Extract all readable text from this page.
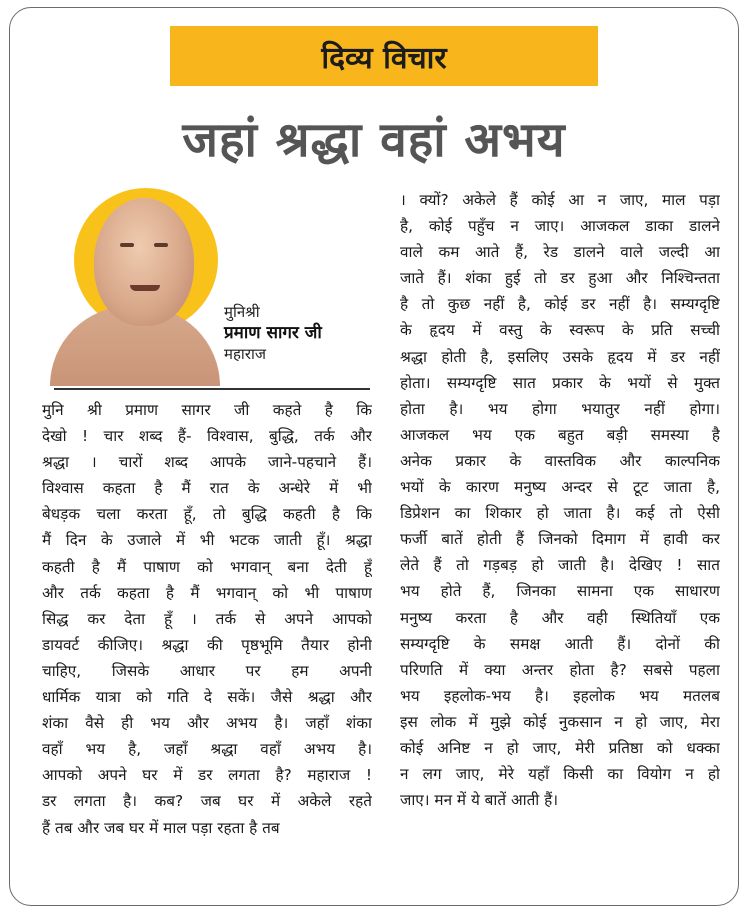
दिव्य विचार
जहां श्रद्धा वहां अभय
मुनिश्री
प्रमाण सागर जी
महाराज
मुनि श्री प्रमाण सागर जी कहते है कि
देखो ! चार शब्द हैं- विश्वास, बुद्धि, तर्क और
श्रद्धा । चारों शब्द आपके जाने-पहचाने हैं।
विश्वास कहता है मैं रात के अन्धेरे में भी
बेधड़क चला करता हूँ, तो बुद्धि कहती है कि
मैं दिन के उजाले में भी भटक जाती हूँ। श्रद्धा
कहती है मैं पाषाण को भगवान् बना देती हूँ
और तर्क कहता है मैं भगवान् को भी पाषाण
सिद्ध कर देता हूँ । तर्क से अपने आपको
डायवर्ट कीजिए। श्रद्धा की पृष्ठभूमि तैयार होनी
चाहिए, जिसके आधार पर हम अपनी
धार्मिक यात्रा को गति दे सकें। जैसे श्रद्धा और
शंका वैसे ही भय और अभय है। जहाँ शंका
वहाँ भय है, जहाँ श्रद्धा वहाँ अभय है।
आपको अपने घर में डर लगता है? महाराज !
डर लगता है। कब? जब घर में अकेले रहते
हैं तब और जब घर में माल पड़ा रहता है तब
। क्यों? अकेले हैं कोई आ न जाए, माल पड़ा
है, कोई पहुँच न जाए। आजकल डाका डालने
वाले कम आते हैं, रेड डालने वाले जल्दी आ
जाते हैं। शंका हुई तो डर हुआ और निश्चिन्तता
है तो कुछ नहीं है, कोई डर नहीं है। सम्यग्दृष्टि
के हृदय में वस्तु के स्वरूप के प्रति सच्ची
श्रद्धा होती है, इसलिए उसके हृदय में डर नहीं
होता। सम्यग्दृष्टि सात प्रकार के भयों से मुक्त
होता है। भय होगा भयातुर नहीं होगा।
आजकल भय एक बहुत बड़ी समस्या है
अनेक प्रकार के वास्तविक और काल्पनिक
भयों के कारण मनुष्य अन्दर से टूट जाता है,
डिप्रेशन का शिकार हो जाता है। कई तो ऐसी
फर्जी बातें होती हैं जिनको दिमाग में हावी कर
लेते हैं तो गड़बड़ हो जाती है। देखिए ! सात
भय होते हैं, जिनका सामना एक साधारण
मनुष्य करता है और वही स्थितियाँ एक
सम्यग्दृष्टि के समक्ष आती हैं। दोनों की
परिणति में क्या अन्तर होता है? सबसे पहला
भय इहलोक-भय है। इहलोक भय मतलब
इस लोक में मुझे कोई नुकसान न हो जाए, मेरा
कोई अनिष्ट न हो जाए, मेरी प्रतिष्ठा को धक्का
न लग जाए, मेरे यहाँ किसी का वियोग न हो
जाए। मन में ये बातें आती हैं।
